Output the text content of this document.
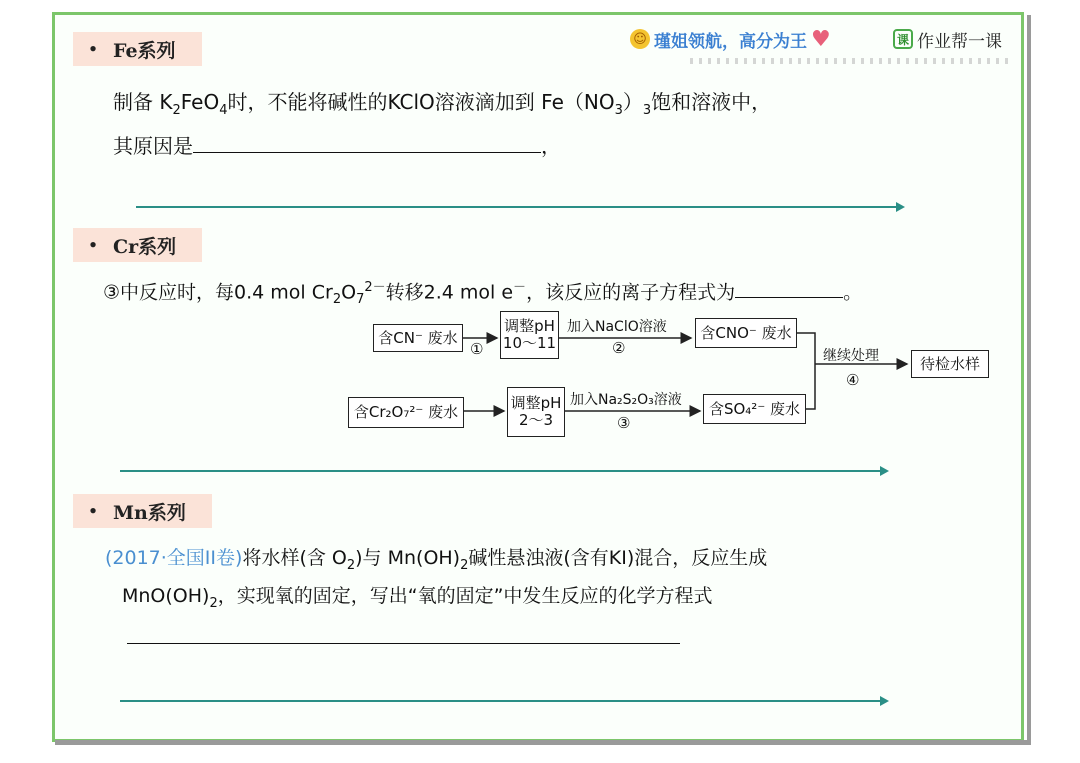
☺ 瑾姐领航，高分为王 ♥	课 作业帮一课
• Fe系列
制备 $K_2FeO_4$时，不能将碱性的KClO溶液滴加到 $Fe(NO_3)_3$饱和溶液中，
其原因是	，
• Cr系列
③中反应时，每0.4 mol $Cr_2O_7^{2-}$转移2.4 mol e－，该反应的离子方程式为	。
含CN⁻ 废水
①
调整pH
10～11
加入NaClO溶液
②
含CNO⁻ 废水
继续处理
④
待检水样
含Cr₂O₇²⁻ 废水	调整pH
2～3
加入Na₂S₂O₃溶液
③
含SO₄²⁻ 废水
• Mn系列
(2017·全国II卷)将水样(含 $O_2$)与 $Mn(OH)_2$碱性悬浊液(含有KI)混合，反应生成
$MnO(OH)_2$，实现氧的固定，写出“氧的固定”中发生反应的化学方程式
